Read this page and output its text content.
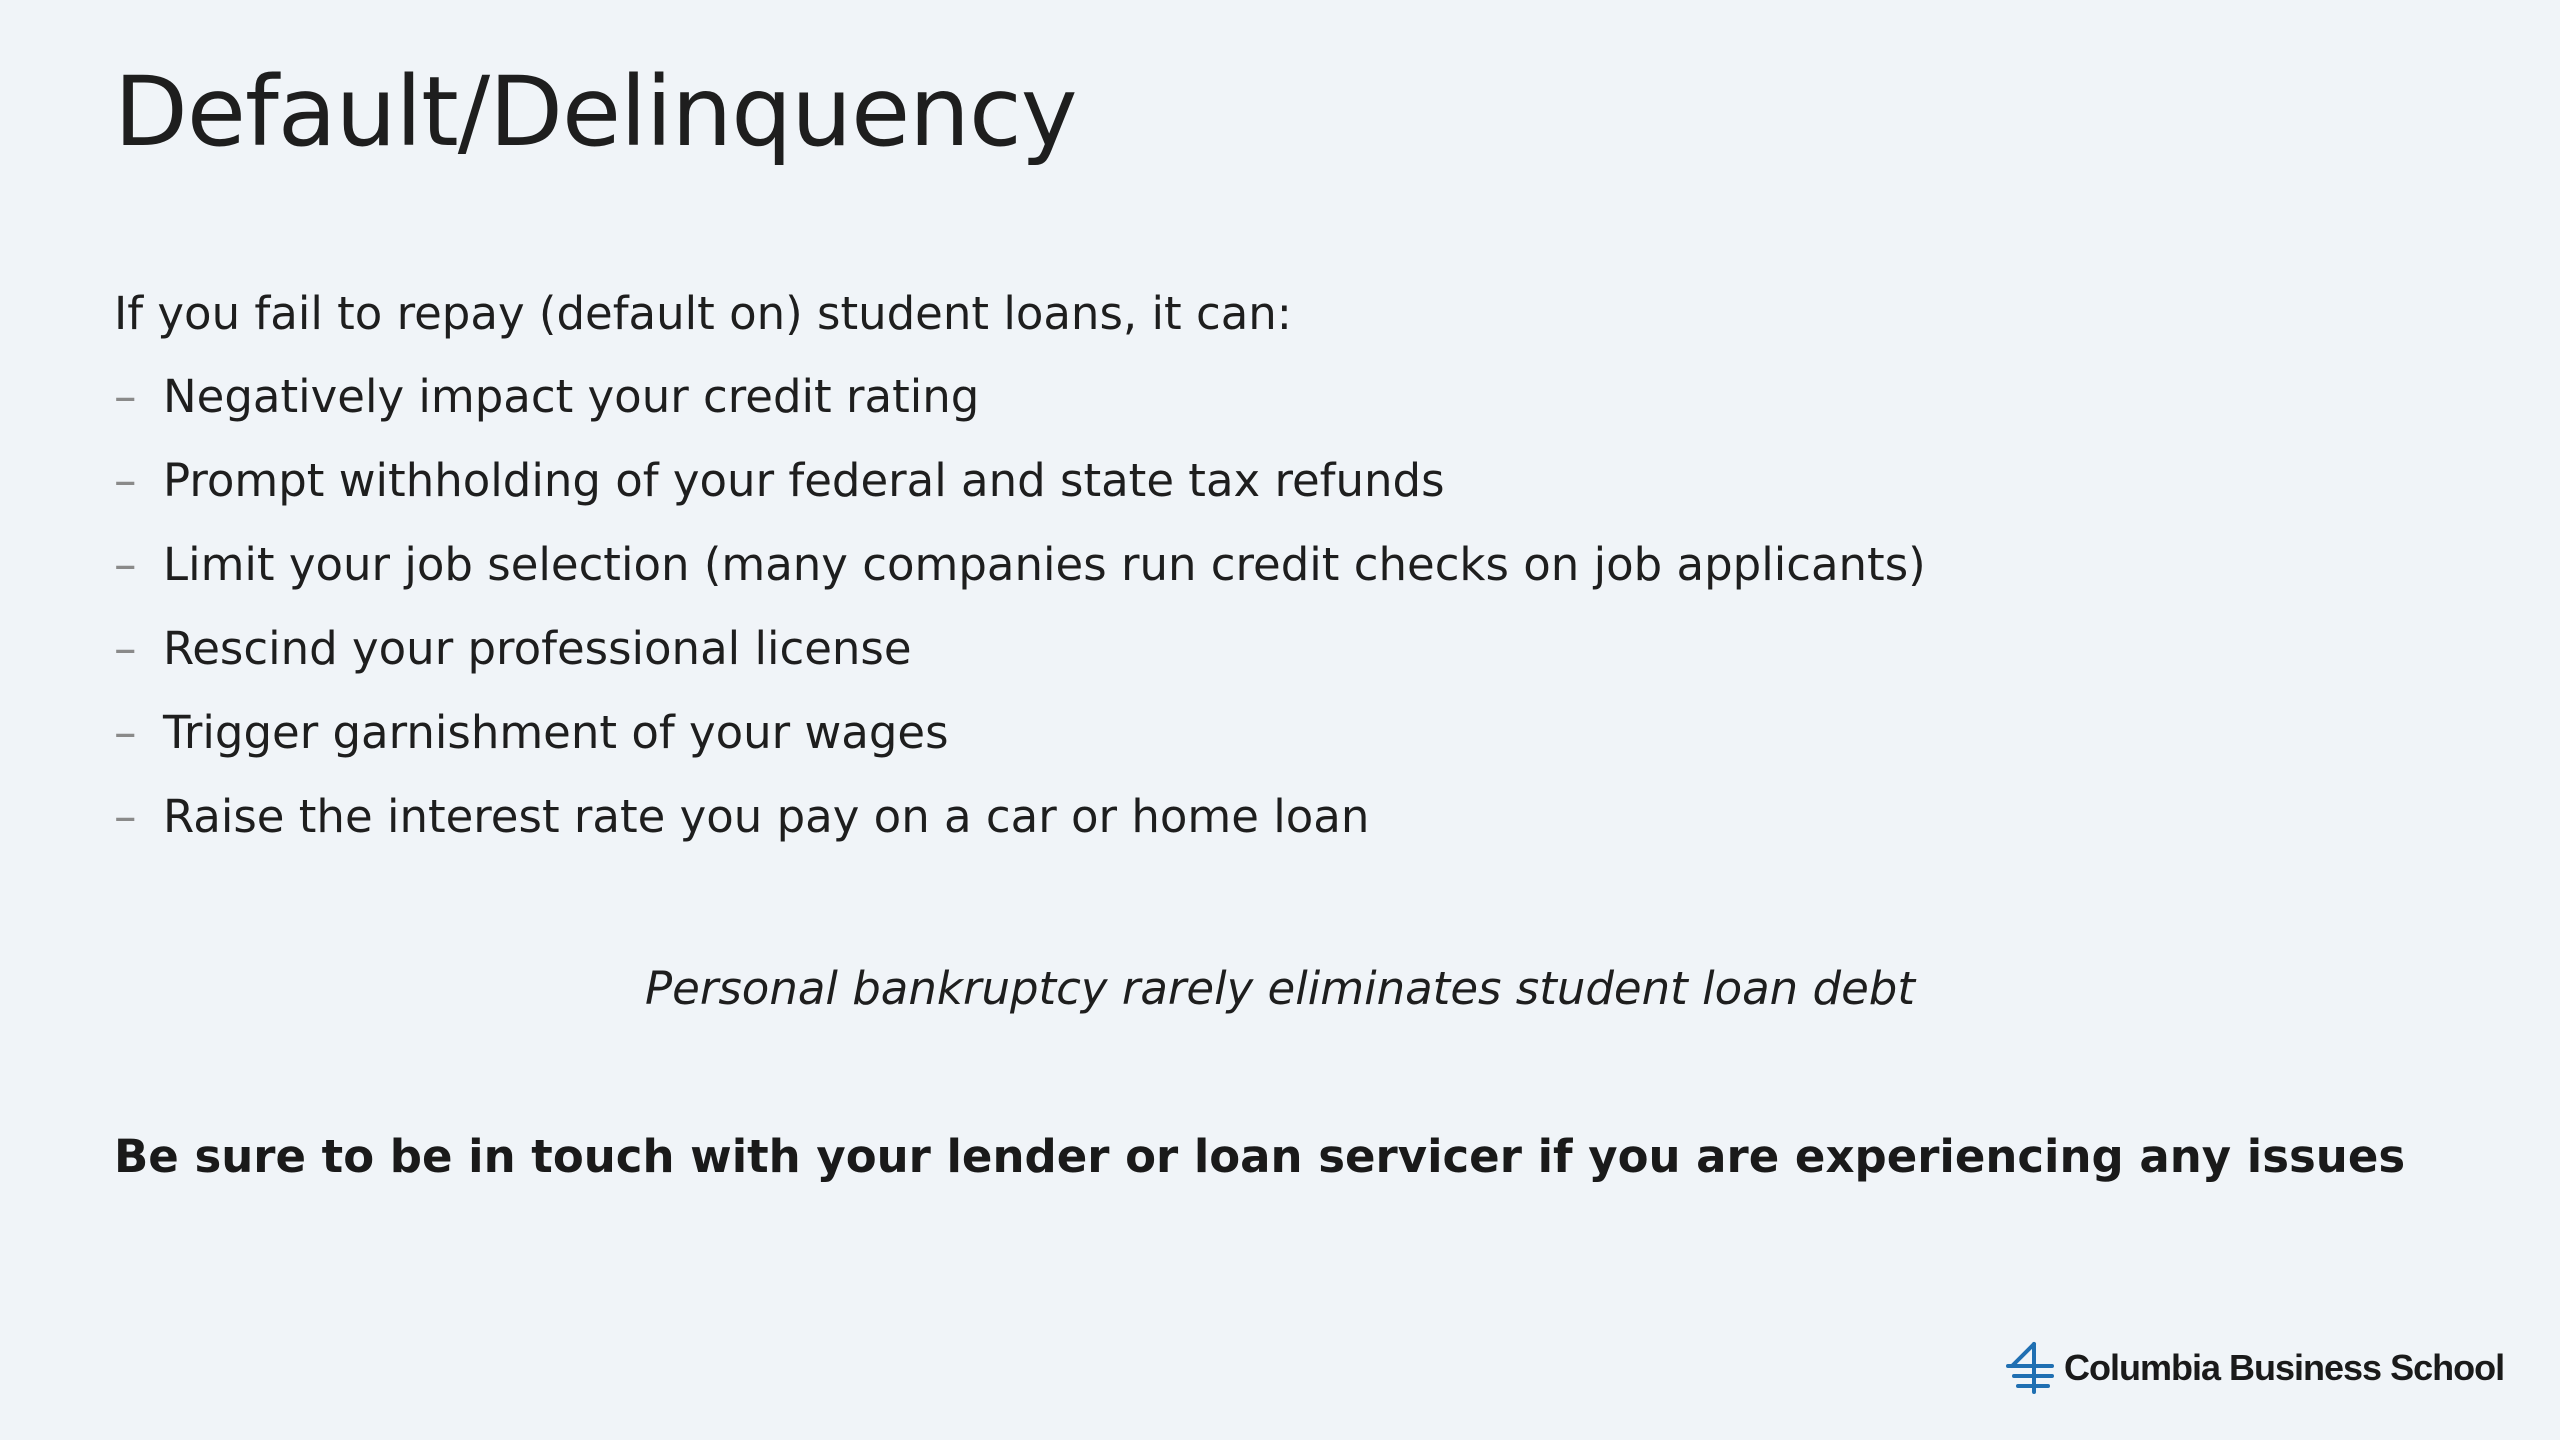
Default/Delinquency
If you fail to repay (default on) student loans, it can:
– Negatively impact your credit rating
– Prompt withholding of your federal and state tax refunds
– Limit your job selection (many companies run credit checks on job applicants)
– Rescind your professional license
– Trigger garnishment of your wages
– Raise the interest rate you pay on a car or home loan
Personal bankruptcy rarely eliminates student loan debt
Be sure to be in touch with your lender or loan servicer if you are experiencing any issues
Columbia Business School
